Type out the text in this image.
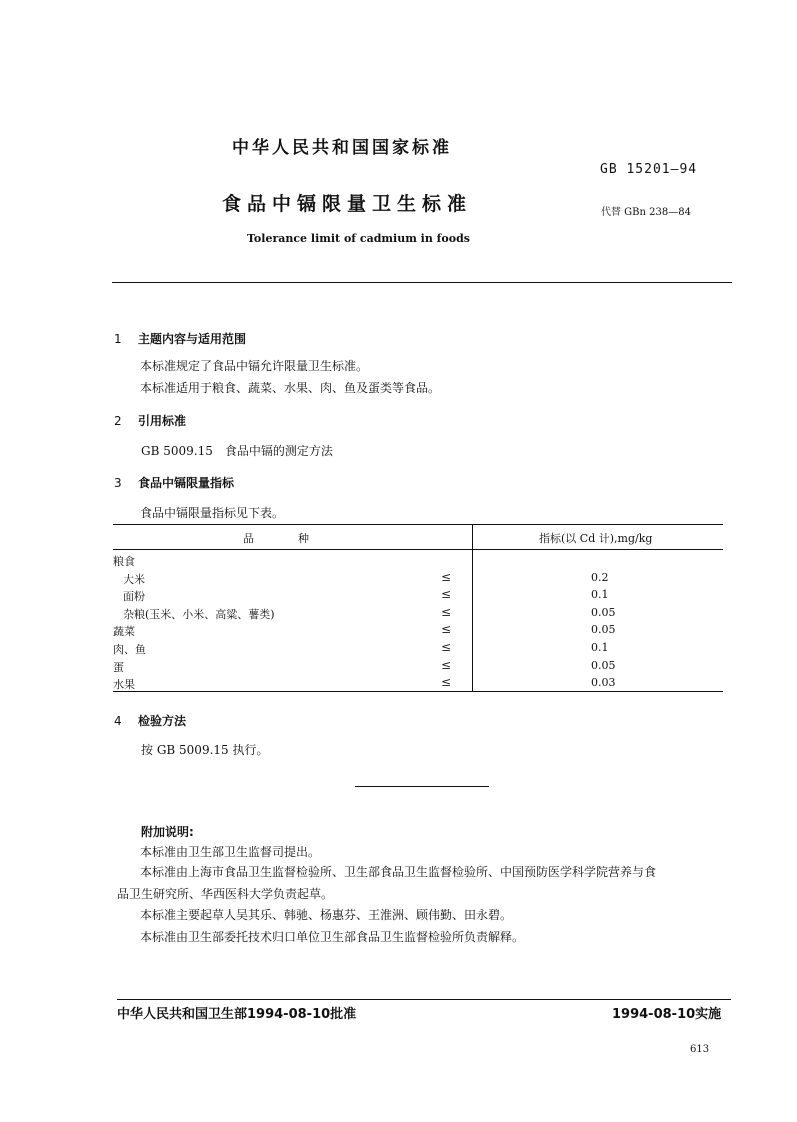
中华人民共和国国家标准
GB 15201—94
食品中镉限量卫生标准	代替 GBn 238—84
Tolerance limit of cadmium in foods
1 主题内容与适用范围
本标准规定了食品中镉允许限量卫生标准。
本标准适用于粮食、蔬菜、水果、肉、鱼及蛋类等食品。
2 引用标准
GB 5009.15 食品中镉的测定方法
3 食品中镉限量指标
食品中镉限量指标见下表。
品	种	指标(以 Cd 计),mg/kg
粮食
大米	≤	0.2
面粉	≤	0.1
杂粮(玉米、小米、高粱、薯类)	≤	0.05
蔬菜	≤	0.05
肉、鱼	≤	0.1
蛋	≤	0.05
水果	≤	0.03
4 检验方法
按 GB 5009.15 执行。
附加说明:
本标准由卫生部卫生监督司提出。
本标准由上海市食品卫生监督检验所、卫生部食品卫生监督检验所、中国预防医学科学院营养与食
品卫生研究所、华西医科大学负责起草。
本标准主要起草人吴其乐、韩驰、杨惠芬、王淮洲、顾伟勤、田永碧。
本标准由卫生部委托技术归口单位卫生部食品卫生监督检验所负责解释。
中华人民共和国卫生部1994-08-10批准	1994-08-10实施
613
